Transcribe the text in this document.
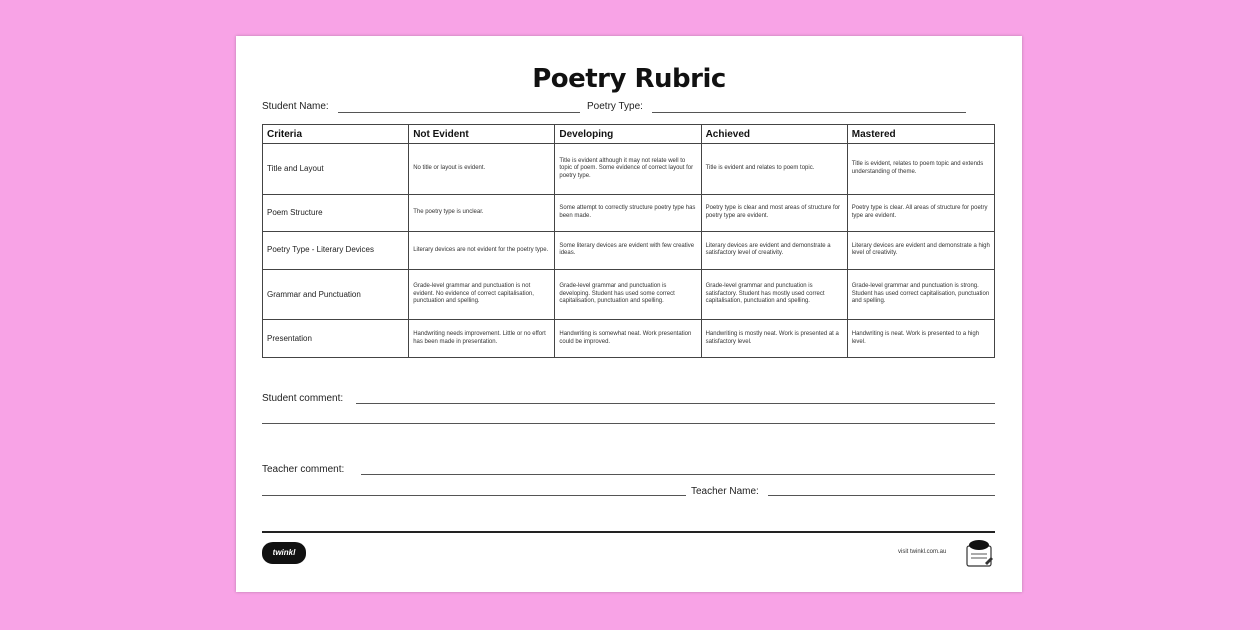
Poetry Rubric
Student Name:	Poetry Type:
Criteria	Not Evident	Developing	Achieved	Mastered
Title and Layout	No title or layout is evident.	Title is evident although it may not relate well to topic of poem. Some evidence of correct layout for poetry type.	Title is evident and relates to poem topic.	Title is evident, relates to poem topic and extends understanding of theme.
Poem Structure	The poetry type is unclear.	Some attempt to correctly structure poetry type has been made.	Poetry type is clear and most areas of structure for poetry type are evident.	Poetry type is clear. All areas of structure for poetry type are evident.
Poetry Type - Literary Devices	Literary devices are not evident for the poetry type.	Some literary devices are evident with few creative ideas.	Literary devices are evident and demonstrate a satisfactory level of creativity.	Literary devices are evident and demonstrate a high level of creativity.
Grammar and Punctuation	Grade-level grammar and punctuation is not evident. No evidence of correct capitalisation, punctuation and spelling.	Grade-level grammar and punctuation is developing. Student has used some correct capitalisation, punctuation and spelling.	Grade-level grammar and punctuation is satisfactory. Student has mostly used correct capitalisation, punctuation and spelling.	Grade-level grammar and punctuation is strong. Student has used correct capitalisation, punctuation and spelling.
Presentation	Handwriting needs improvement. Little or no effort has been made in presentation.	Handwriting is somewhat neat. Work presentation could be improved.	Handwriting is mostly neat. Work is presented at a satisfactory level.	Handwriting is neat. Work is presented to a high level.
Student comment:
Teacher comment:
Teacher Name:
twinkl	visit twinkl.com.au
